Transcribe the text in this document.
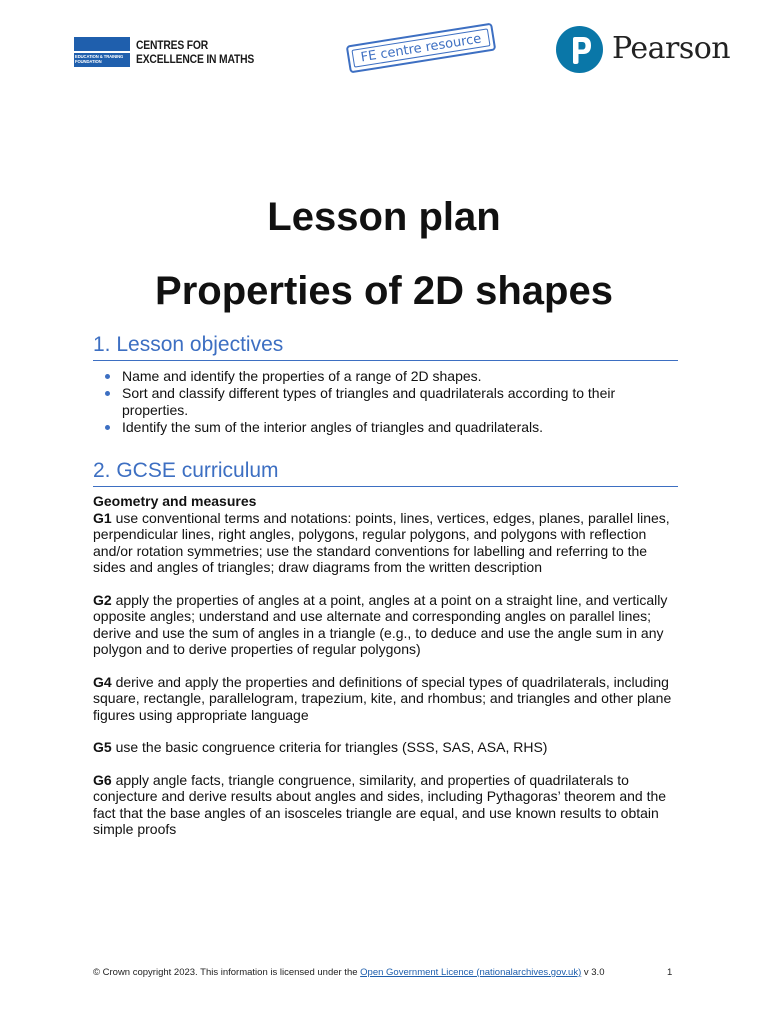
EDUCATION & TRAINING FOUNDATION
CENTRES FOR
EXCELLENCE IN MATHS	FE centre resource	Pearson
Lesson plan
Properties of 2D shapes
1. Lesson objectives
Name and identify the properties of a range of 2D shapes.
Sort and classify different types of triangles and quadrilaterals according to their properties.
Identify the sum of the interior angles of triangles and quadrilaterals.
2. GCSE curriculum

Geometry and measures

G1 use conventional terms and notations: points, lines, vertices, edges, planes, parallel lines, perpendicular lines, right angles, polygons, regular polygons, and polygons with reflection and/or rotation symmetries; use the standard conventions for labelling and referring to the sides and angles of triangles; draw diagrams from the written description

G2 apply the properties of angles at a point, angles at a point on a straight line, and vertically opposite angles; understand and use alternate and corresponding angles on parallel lines; derive and use the sum of angles in a triangle (e.g., to deduce and use the angle sum in any polygon and to derive properties of regular polygons)

G4 derive and apply the properties and definitions of special types of quadrilaterals, including square, rectangle, parallelogram, trapezium, kite, and rhombus; and triangles and other plane figures using appropriate language

G5 use the basic congruence criteria for triangles (SSS, SAS, ASA, RHS)

G6 apply angle facts, triangle congruence, similarity, and properties of quadrilaterals to conjecture and derive results about angles and sides, including Pythagoras’ theorem and the fact that the base angles of an isosceles triangle are equal, and use known results to obtain simple proofs

© Crown copyright 2023. This information is licensed under the Open Government Licence (nationalarchives.gov.uk) v 3.0	1
